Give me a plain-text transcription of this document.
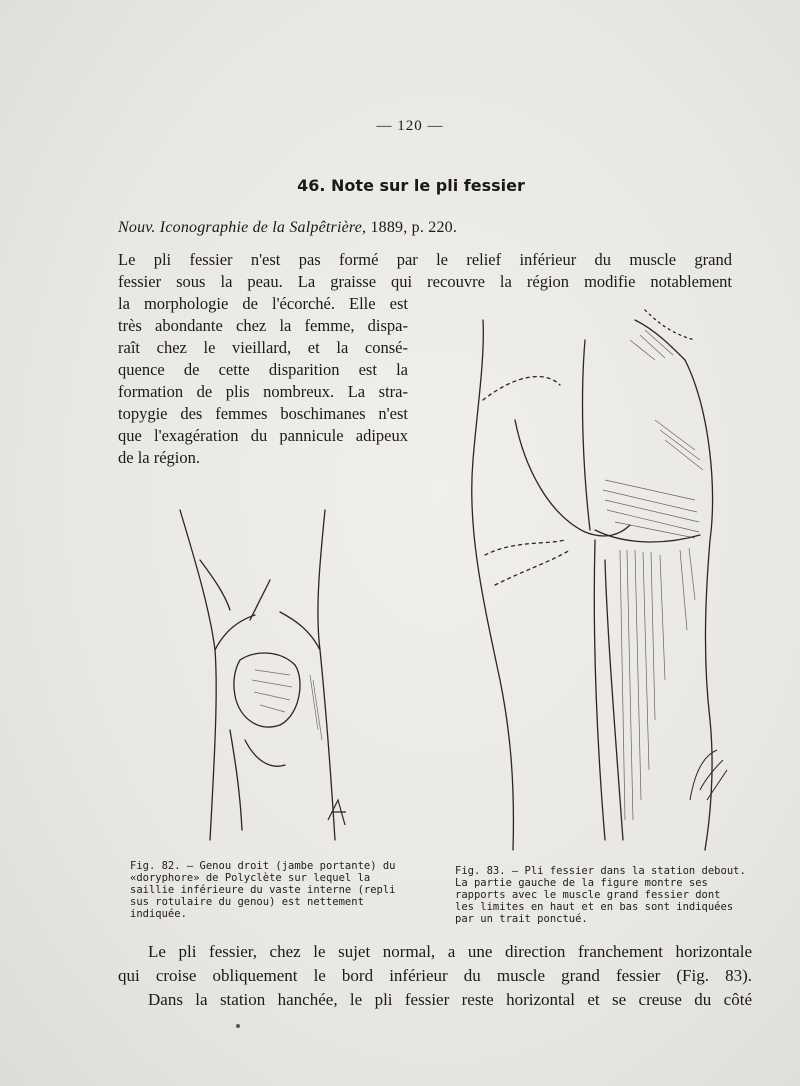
— 120 —
46. Note sur le pli fessier
Nouv. Iconographie de la Salpêtrière, 1889, p. 220.
Le pli fessier n'est pas formé par le relief inférieur du muscle grand
fessier sous la peau. La graisse qui recouvre la région modifie notablement
la morphologie de l'écorché. Elle est
très abondante chez la femme, dispa-
raît chez le vieillard, et la consé-
quence de cette disparition est la
formation de plis nombreux. La stra-
topygie des femmes boschimanes n'est
que l'exagération du pannicule adipeux
de la région.
Fig. 82. — Genou droit (jambe portante) du
«doryphore» de Polyclète sur lequel la
saillie inférieure du vaste interne (repli
sus rotulaire du genou) est nettement
indiquée.
Fig. 83. — Pli fessier dans la station debout.
La partie gauche de la figure montre ses
rapports avec le muscle grand fessier dont
les limites en haut et en bas sont indiquées
par un trait ponctué.
Le pli fessier, chez le sujet normal, a une direction franchement horizontale
qui croise obliquement le bord inférieur du muscle grand fessier (Fig. 83).
Dans la station hanchée, le pli fessier reste horizontal et se creuse du côté
